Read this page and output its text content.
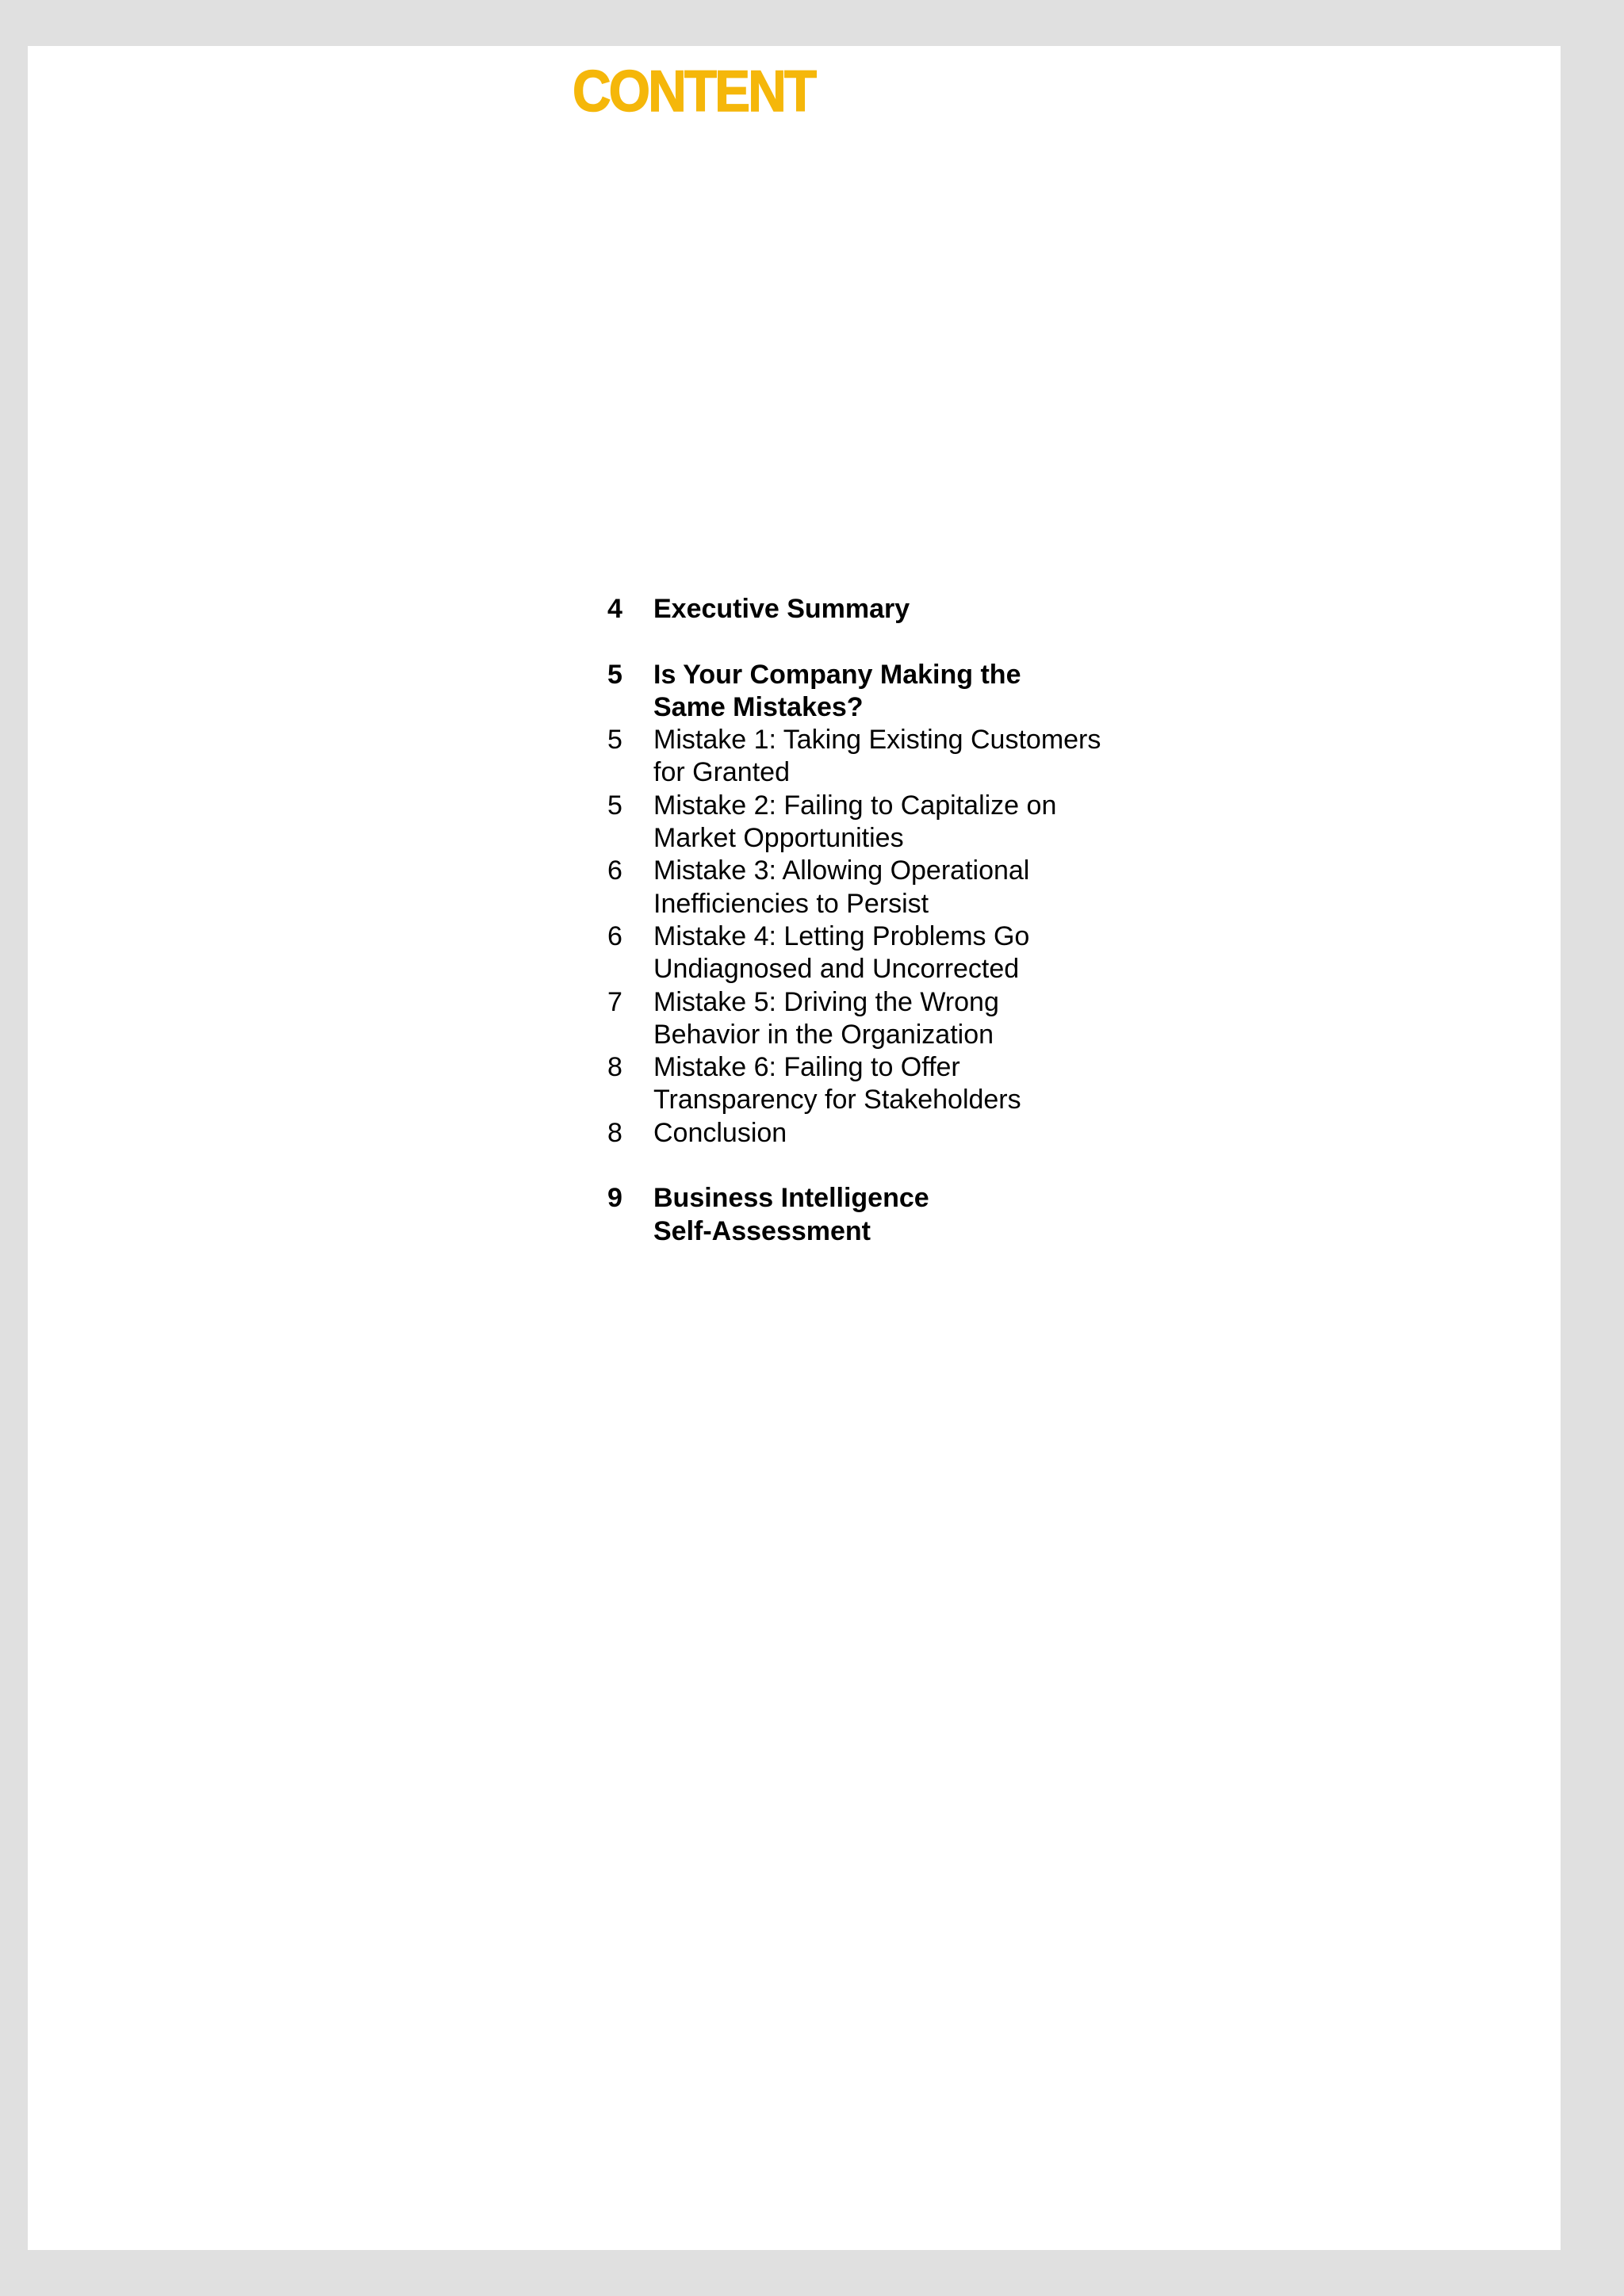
CONTENT
4 Executive Summary
5 Is Your Company Making the
Same Mistakes?
5 Mistake 1: Taking Existing Customers
for Granted
5 Mistake 2: Failing to Capitalize on
Market Opportunities
6 Mistake 3: Allowing Operational
Inefficiencies to Persist
6 Mistake 4: Letting Problems Go
Undiagnosed and Uncorrected
7 Mistake 5: Driving the Wrong
Behavior in the Organization
8 Mistake 6: Failing to Offer
Transparency for Stakeholders
8 Conclusion
9 Business Intelligence
Self-Assessment
